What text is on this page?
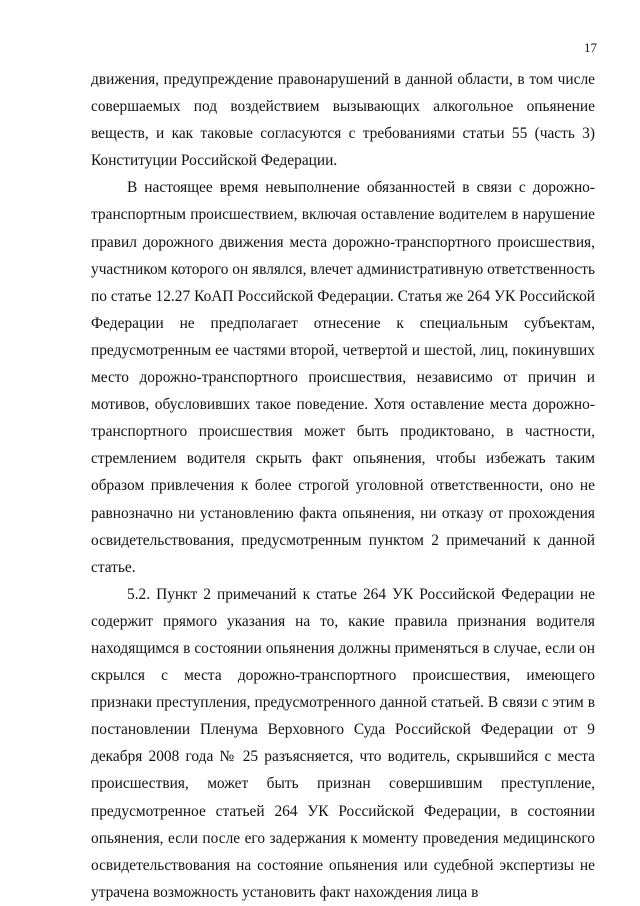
17

движения, предупреждение правонарушений в данной области, в том числе совершаемых под воздействием вызывающих алкогольное опьянение веществ, и как таковые согласуются с требованиями статьи 55 (часть 3) Конституции Российской Федерации.

В настоящее время невыполнение обязанностей в связи с дорожно-транспортным происшествием, включая оставление водителем в нарушение правил дорожного движения места дорожно-транспортного происшествия, участником которого он являлся, влечет административную ответственность по статье 12.27 КоАП Российской Федерации. Статья же 264 УК Российской Федерации не предполагает отнесение к специальным субъектам, предусмотренным ее частями второй, четвертой и шестой, лиц, покинувших место дорожно-транспортного происшествия, независимо от причин и мотивов, обусловивших такое поведение. Хотя оставление места дорожно-транспортного происшествия может быть продиктовано, в частности, стремлением водителя скрыть факт опьянения, чтобы избежать таким образом привлечения к более строгой уголовной ответственности, оно не равнозначно ни установлению факта опьянения, ни отказу от прохождения освидетельствования, предусмотренным пунктом 2 примечаний к данной статье.

5.2. Пункт 2 примечаний к статье 264 УК Российской Федерации не содержит прямого указания на то, какие правила признания водителя находящимся в состоянии опьянения должны применяться в случае, если он скрылся с места дорожно-транспортного происшествия, имеющего признаки преступления, предусмотренного данной статьей. В связи с этим в постановлении Пленума Верховного Суда Российской Федерации от 9 декабря 2008 года № 25 разъясняется, что водитель, скрывшийся с места происшествия, может быть признан совершившим преступление, предусмотренное статьей 264 УК Российской Федерации, в состоянии опьянения, если после его задержания к моменту проведения медицинского освидетельствования на состояние опьянения или судебной экспертизы не утрачена возможность установить факт нахождения лица в
